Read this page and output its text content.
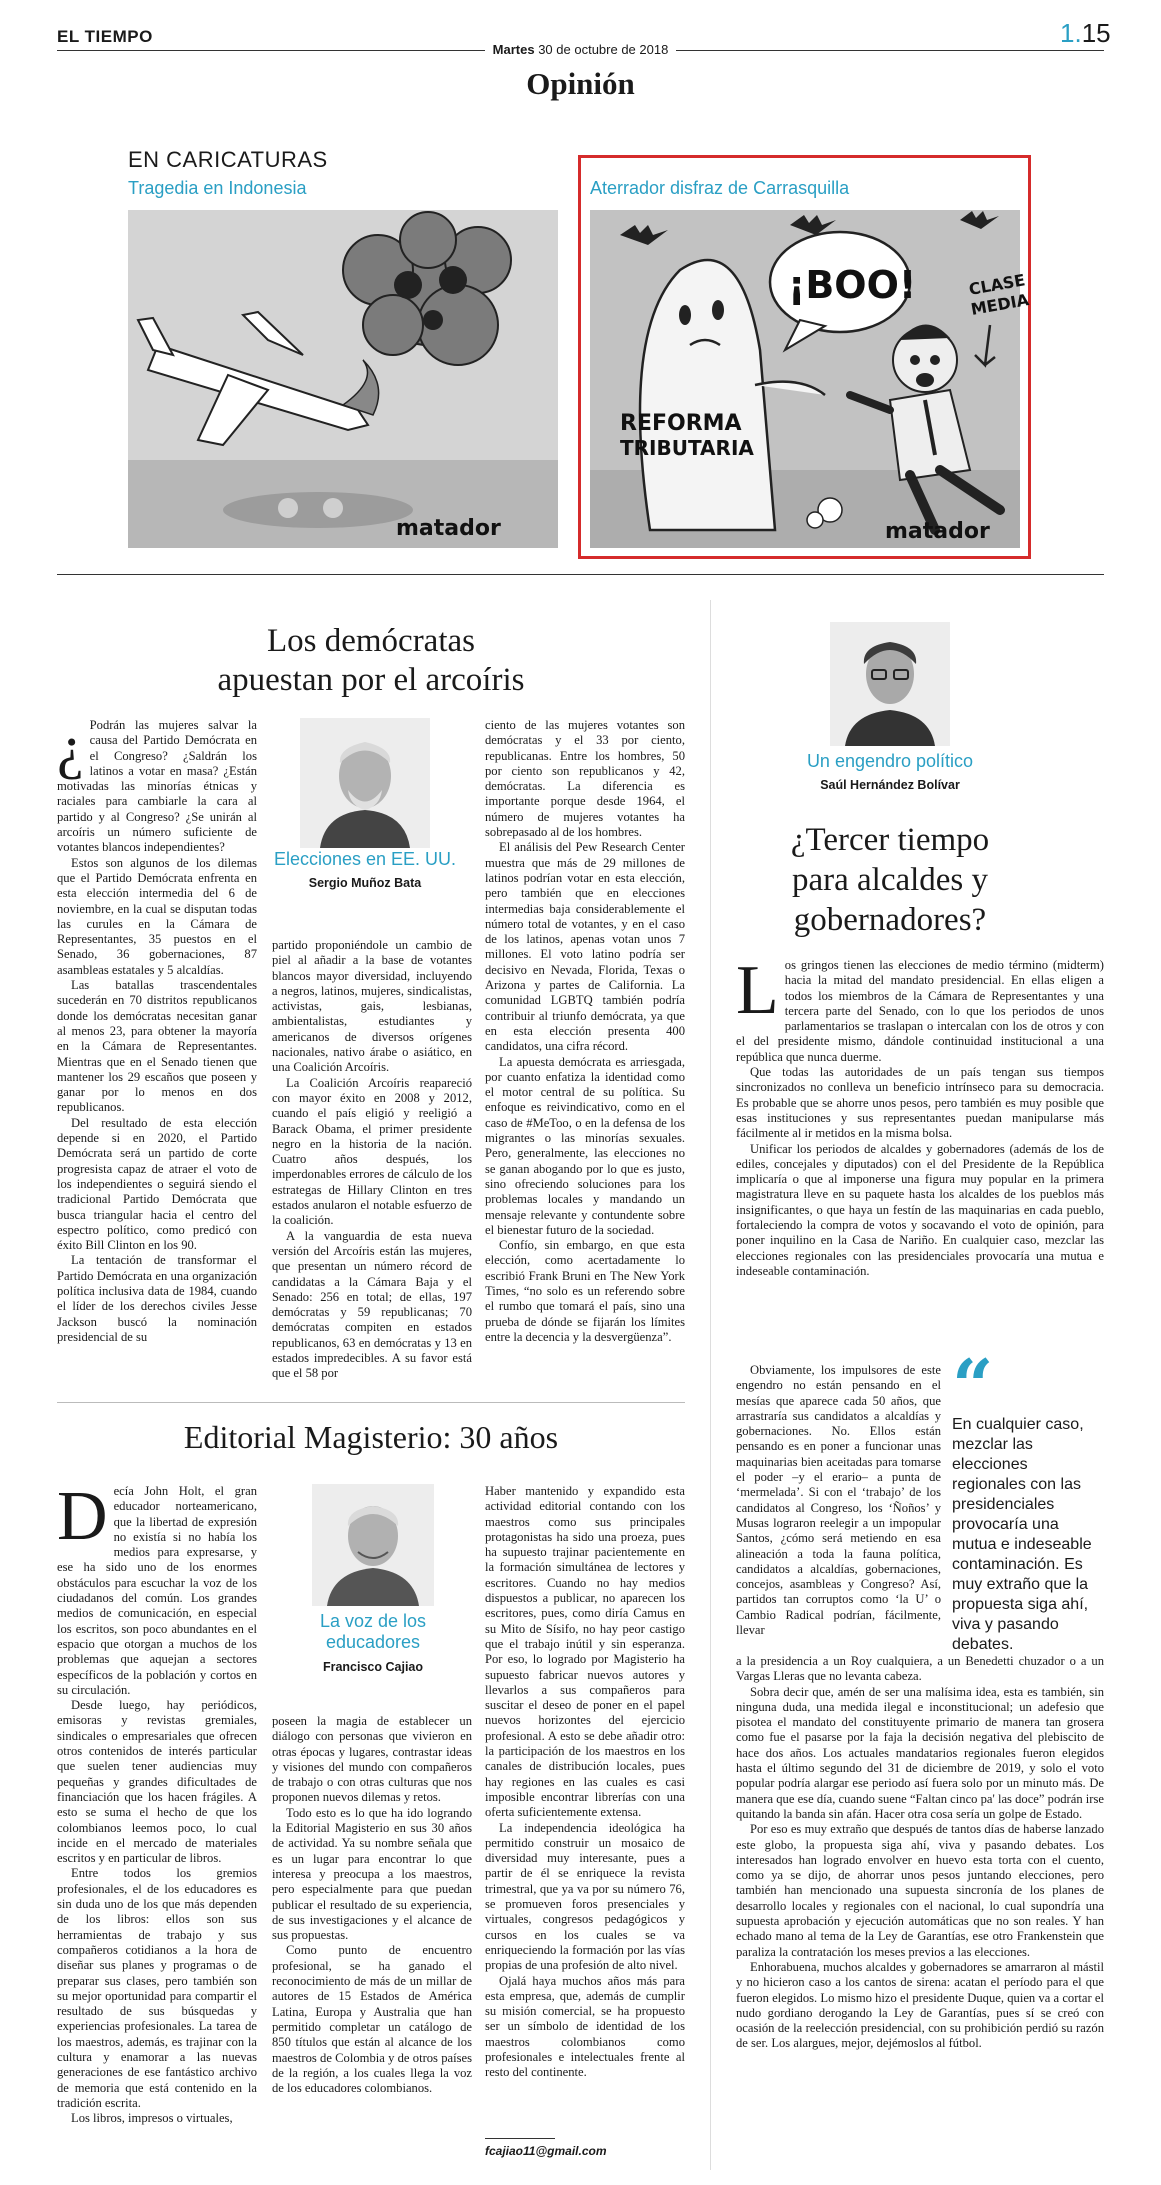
EL TIEMPO
Martes 30 de octubre de 2018
1.15
Opinión
EN CARICATURAS
Tragedia en Indonesia
matador
Aterrador disfraz de Carrasquilla
REFORMA
TRIBUTARIA
¡BOO!	CLASE
MEDIA
matador
Los demócratas
apuestan por el arcoíris
Elecciones en EE. UU.
Sergio Muñoz Bata
¿ Podrán las mujeres salvar la causa del Partido Demócrata en el Congreso? ¿Saldrán los latinos a votar en masa? ¿Están motivadas las minorías étnicas y raciales para cambiarle la cara al partido y al Congreso? ¿Se unirán al arcoíris un número suficiente de votantes blancos independientes?

Estos son algunos de los dilemas que el Partido Demócrata enfrenta en esta elección intermedia del 6 de noviembre, en la cual se disputan todas las curules en la Cámara de Representantes, 35 puestos en el Senado, 36 gobernaciones, 87 asambleas estatales y 5 alcaldías.

Las batallas trascendentales sucederán en 70 distritos republicanos donde los demócratas necesitan ganar al menos 23, para obtener la mayoría en la Cámara de Representantes. Mientras que en el Senado tienen que mantener los 29 escaños que poseen y ganar por lo menos en dos republicanos.

Del resultado de esta elección depende si en 2020, el Partido Demócrata será un partido de corte progresista capaz de atraer el voto de los independientes o seguirá siendo el tradicional Partido Demócrata que busca triangular hacia el centro del espectro político, como predicó con éxito Bill Clinton en los 90.

La tentación de transformar el Partido Demócrata en una organización política inclusiva data de 1984, cuando el líder de los derechos civiles Jesse Jackson buscó la nominación presidencial de su

partido proponiéndole un cambio de piel al añadir a la base de votantes blancos mayor diversidad, incluyendo a negros, latinos, mujeres, sindicalistas, activistas, gais, lesbianas, ambientalistas, estudiantes y americanos de diversos orígenes nacionales, nativo árabe o asiático, en una Coalición Arcoíris.

La Coalición Arcoíris reapareció con mayor éxito en 2008 y 2012, cuando el país eligió y reeligió a Barack Obama, el primer presidente negro en la historia de la nación. Cuatro años después, los imperdonables errores de cálculo de los estrategas de Hillary Clinton en tres estados anularon el notable esfuerzo de la coalición.

A la vanguardia de esta nueva versión del Arcoíris están las mujeres, que presentan un número récord de candidatas a la Cámara Baja y el Senado: 256 en total; de ellas, 197 demócratas y 59 republicanas; 70 demócratas compiten en estados republicanos, 63 en demócratas y 13 en estados impredecibles. A su favor está que el 58 por

ciento de las mujeres votantes son demócratas y el 33 por ciento, republicanas. Entre los hombres, 50 por ciento son republicanos y 42, demócratas. La diferencia es importante porque desde 1964, el número de mujeres votantes ha sobrepasado al de los hombres.

El análisis del Pew Research Center muestra que más de 29 millones de latinos podrían votar en esta elección, pero también que en elecciones intermedias baja considerablemente el número total de votantes, y en el caso de los latinos, apenas votan unos 7 millones. El voto latino podría ser decisivo en Nevada, Florida, Texas o Arizona y partes de California. La comunidad LGBTQ también podría contribuir al triunfo demócrata, ya que en esta elección presenta 400 candidatos, una cifra récord.

La apuesta demócrata es arriesgada, por cuanto enfatiza la identidad como el motor central de su política. Su enfoque es reivindicativo, como en el caso de #MeToo, o en la defensa de los migrantes o las minorías sexuales. Pero, generalmente, las elecciones no se ganan abogando por lo que es justo, sino ofreciendo soluciones para los problemas locales y mandando un mensaje relevante y contundente sobre el bienestar futuro de la sociedad.

Confío, sin embargo, en que esta elección, como acertadamente lo escribió Frank Bruni en The New York Times, “no solo es un referendo sobre el rumbo que tomará el país, sino una prueba de dónde se fijarán los límites entre la decencia y la desvergüenza”.

Un engendro político
Saúl Hernández Bolívar
¿Tercer tiempo
para alcaldes y
gobernadores?
L os gringos tienen las elecciones de medio término (midterm) hacia la mitad del mandato presidencial. En ellas eligen a todos los miembros de la Cámara de Representantes y una tercera parte del Senado, con lo que los periodos de unos parlamentarios se traslapan o intercalan con los de otros y con el del presidente mismo, dándole continuidad institucional a una república que nunca duerme.

Que todas las autoridades de un país tengan sus tiempos sincronizados no conlleva un beneficio intrínseco para su democracia. Es probable que se ahorre unos pesos, pero también es muy posible que esas instituciones y sus representantes puedan manipularse más fácilmente al ir metidos en la misma bolsa.

Unificar los periodos de alcaldes y gobernadores (además de los de ediles, concejales y diputados) con el del Presidente de la República implicaría o que al imponerse una figura muy popular en la primera magistratura lleve en su paquete hasta los alcaldes de los pueblos más insignificantes, o que haya un festín de las maquinarias en cada pueblo, fortaleciendo la compra de votos y socavando el voto de opinión, para poner inquilino en la Casa de Nariño. En cualquier caso, mezclar las elecciones regionales con las presidenciales provocaría una mutua e indeseable contaminación.

Obviamente, los impulsores de este engendro no están pensando en el mesías que aparece cada 50 años, que arrastraría sus candidatos a alcaldías y gobernaciones. No. Ellos están pensando es en poner a funcionar unas maquinarias bien aceitadas para tomarse el poder –y el erario– a punta de ‘mermelada’. Si con el ‘trabajo’ de los candidatos al Congreso, los ‘Ñoños’ y Musas lograron reelegir a un impopular Santos, ¿cómo será metiendo en esa alineación a toda la fauna política, candidatos a alcaldías, gobernaciones, concejos, asambleas y Congreso? Así, partidos tan corruptos como ‘la U’ o Cambio Radical podrían, fácilmente, llevar

“
En cualquier caso, mezclar las elecciones regionales con las presidenciales provocaría una mutua e indeseable contaminación. Es muy extraño que la propuesta siga ahí, viva y pasando debates.

a la presidencia a un Roy cualquiera, a un Benedetti chuzador o a un Vargas Lleras que no levanta cabeza.

Sobra decir que, amén de ser una malísima idea, esta es también, sin ninguna duda, una medida ilegal e inconstitucional; un adefesio que pisotea el mandato del constituyente primario de manera tan grosera como fue el pasarse por la faja la decisión negativa del plebiscito de hace dos años. Los actuales mandatarios regionales fueron elegidos hasta el último segundo del 31 de diciembre de 2019, y solo el voto popular podría alargar ese periodo así fuera solo por un minuto más. De manera que ese día, cuando suene “Faltan cinco pa' las doce” podrán irse quitando la banda sin afán. Hacer otra cosa sería un golpe de Estado.

Por eso es muy extraño que después de tantos días de haberse lanzado este globo, la propuesta siga ahí, viva y pasando debates. Los interesados han logrado envolver en huevo esta torta con el cuento, como ya se dijo, de ahorrar unos pesos juntando elecciones, pero también han mencionado una supuesta sincronía de los planes de desarrollo locales y regionales con el nacional, lo cual supondría una supuesta aprobación y ejecución automáticas que no son reales. Y han echado mano al tema de la Ley de Garantías, ese otro Frankenstein que paraliza la contratación los meses previos a las elecciones.

Enhorabuena, muchos alcaldes y gobernadores se amarraron al mástil y no hicieron caso a los cantos de sirena: acatan el período para el que fueron elegidos. Lo mismo hizo el presidente Duque, quien va a cortar el nudo gordiano derogando la Ley de Garantías, pues sí se creó con ocasión de la reelección presidencial, con su prohibición perdió su razón de ser. Los alargues, mejor, dejémoslos al fútbol.

Editorial Magisterio: 30 años
La voz de los
educadores
Francisco Cajiao
D ecía John Holt, el gran educador norteamericano, que la libertad de expresión no existía si no había los medios para expresarse, y ese ha sido uno de los enormes obstáculos para escuchar la voz de los ciudadanos del común. Los grandes medios de comunicación, en especial los escritos, son poco abundantes en el espacio que otorgan a muchos de los problemas que aquejan a sectores específicos de la población y cortos en su circulación.

Desde luego, hay periódicos, emisoras y revistas gremiales, sindicales o empresariales que ofrecen otros contenidos de interés particular que suelen tener audiencias muy pequeñas y grandes dificultades de financiación que los hacen frágiles. A esto se suma el hecho de que los colombianos leemos poco, lo cual incide en el mercado de materiales escritos y en particular de libros.

Entre todos los gremios profesionales, el de los educadores es sin duda uno de los que más dependen de los libros: ellos son sus herramientas de trabajo y sus compañeros cotidianos a la hora de diseñar sus planes y programas o de preparar sus clases, pero también son su mejor oportunidad para compartir el resultado de sus búsquedas y experiencias profesionales. La tarea de los maestros, además, es trajinar con la cultura y enamorar a las nuevas generaciones de ese fantástico archivo de memoria que está contenido en la tradición escrita.

Los libros, impresos o virtuales,

poseen la magia de establecer un diálogo con personas que vivieron en otras épocas y lugares, contrastar ideas y visiones del mundo con compañeros de trabajo o con otras culturas que nos proponen nuevos dilemas y retos.

Todo esto es lo que ha ido logrando la Editorial Magisterio en sus 30 años de actividad. Ya su nombre señala que es un lugar para encontrar lo que interesa y preocupa a los maestros, pero especialmente para que puedan publicar el resultado de su experiencia, de sus investigaciones y el alcance de sus propuestas.

Como punto de encuentro profesional, se ha ganado el reconocimiento de más de un millar de autores de 15 Estados de América Latina, Europa y Australia que han permitido completar un catálogo de 850 títulos que están al alcance de los maestros de Colombia y de otros países de la región, a los cuales llega la voz de los educadores colombianos.

Haber mantenido y expandido esta actividad editorial contando con los maestros como sus principales protagonistas ha sido una proeza, pues ha supuesto trajinar pacientemente en la formación simultánea de lectores y escritores. Cuando no hay medios dispuestos a publicar, no aparecen los escritores, pues, como diría Camus en su Mito de Sísifo, no hay peor castigo que el trabajo inútil y sin esperanza. Por eso, lo logrado por Magisterio ha supuesto fabricar nuevos autores y llevarlos a sus compañeros para suscitar el deseo de poner en el papel nuevos horizontes del ejercicio profesional. A esto se debe añadir otro: la participación de los maestros en los canales de distribución locales, pues hay regiones en las cuales es casi imposible encontrar librerías con una oferta suficientemente extensa.

La independencia ideológica ha permitido construir un mosaico de diversidad muy interesante, pues a partir de él se enriquece la revista trimestral, que ya va por su número 76, se promueven foros presenciales y virtuales, congresos pedagógicos y cursos en los cuales se va enriqueciendo la formación por las vías propias de una profesión de alto nivel.

Ojalá haya muchos años más para esta empresa, que, además de cumplir su misión comercial, se ha propuesto ser un símbolo de identidad de los maestros colombianos como profesionales e intelectuales frente al resto del continente.

fcajiao11@gmail.com
